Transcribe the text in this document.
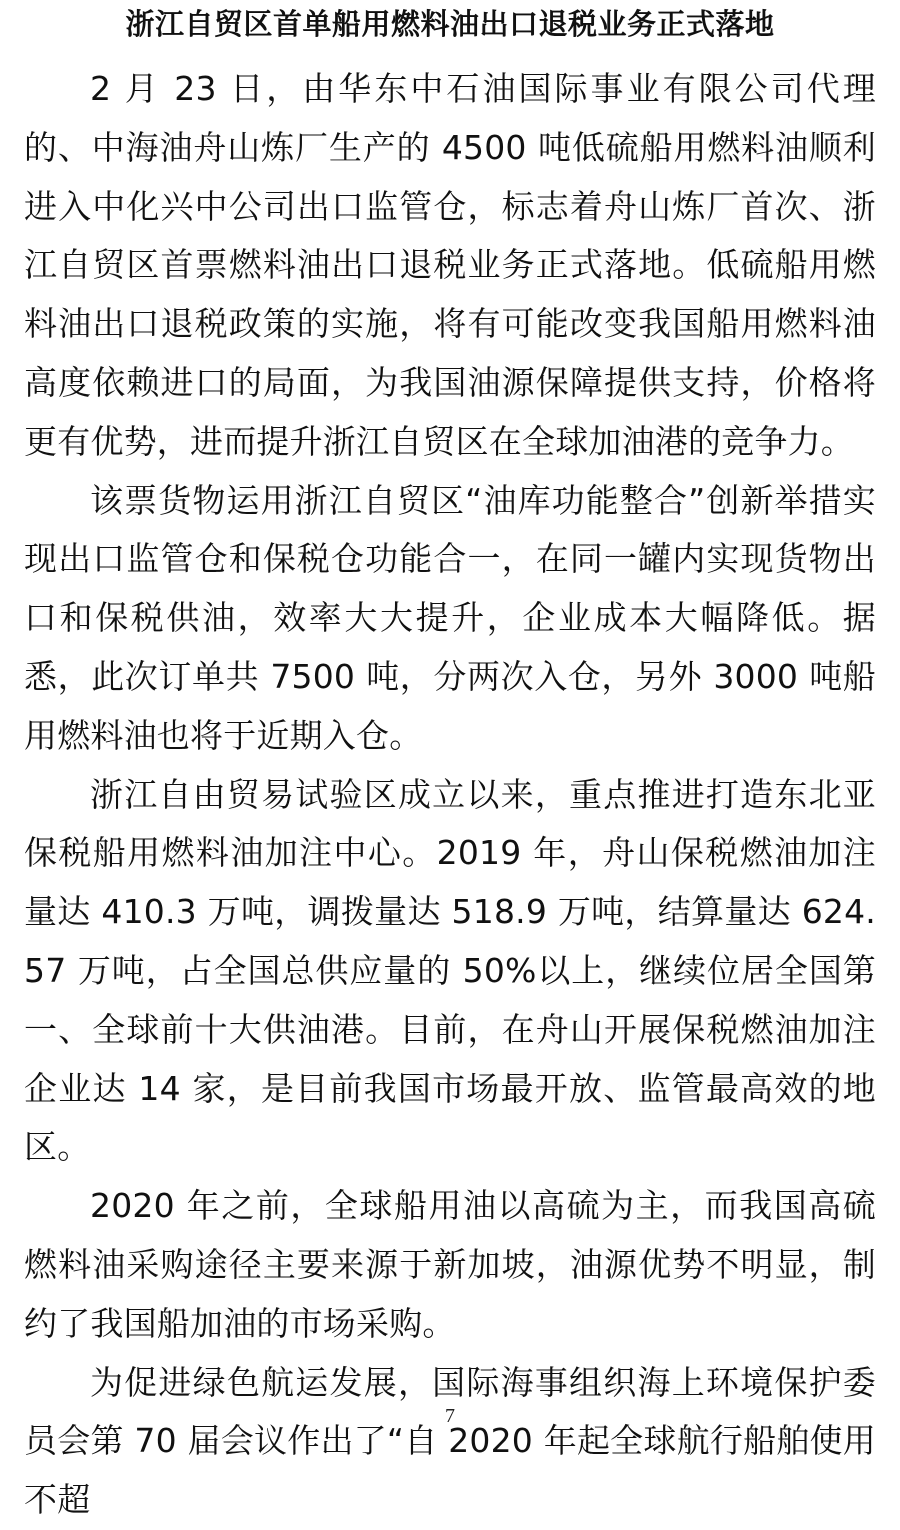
浙江自贸区首单船用燃料油出口退税业务正式落地

2 月 23 日，由华东中石油国际事业有限公司代理的、中海油舟山炼厂生产的 4500 吨低硫船用燃料油顺利进入中化兴中公司出口监管仓，标志着舟山炼厂首次、浙江自贸区首票燃料油出口退税业务正式落地。低硫船用燃料油出口退税政策的实施，将有可能改变我国船用燃料油高度依赖进口的局面，为我国油源保障提供支持，价格将更有优势，进而提升浙江自贸区在全球加油港的竞争力。

该票货物运用浙江自贸区“油库功能整合”创新举措实现出口监管仓和保税仓功能合一，在同一罐内实现货物出口和保税供油，效率大大提升，企业成本大幅降低。据悉，此次订单共 7500 吨，分两次入仓，另外 3000 吨船用燃料油也将于近期入仓。

浙江自由贸易试验区成立以来，重点推进打造东北亚保税船用燃料油加注中心。2019 年，舟山保税燃油加注量达 410.3 万吨，调拨量达 518.9 万吨，结算量达 624.57 万吨，占全国总供应量的 50%以上，继续位居全国第一、全球前十大供油港。目前，在舟山开展保税燃油加注企业达 14 家，是目前我国市场最开放、监管最高效的地区。

2020 年之前，全球船用油以高硫为主，而我国高硫燃料油采购途径主要来源于新加坡，油源优势不明显，制约了我国船加油的市场采购。

为促进绿色航运发展，国际海事组织海上环境保护委员会第 70 届会议作出了“自 2020 年起全球航行船舶使用不超

7
